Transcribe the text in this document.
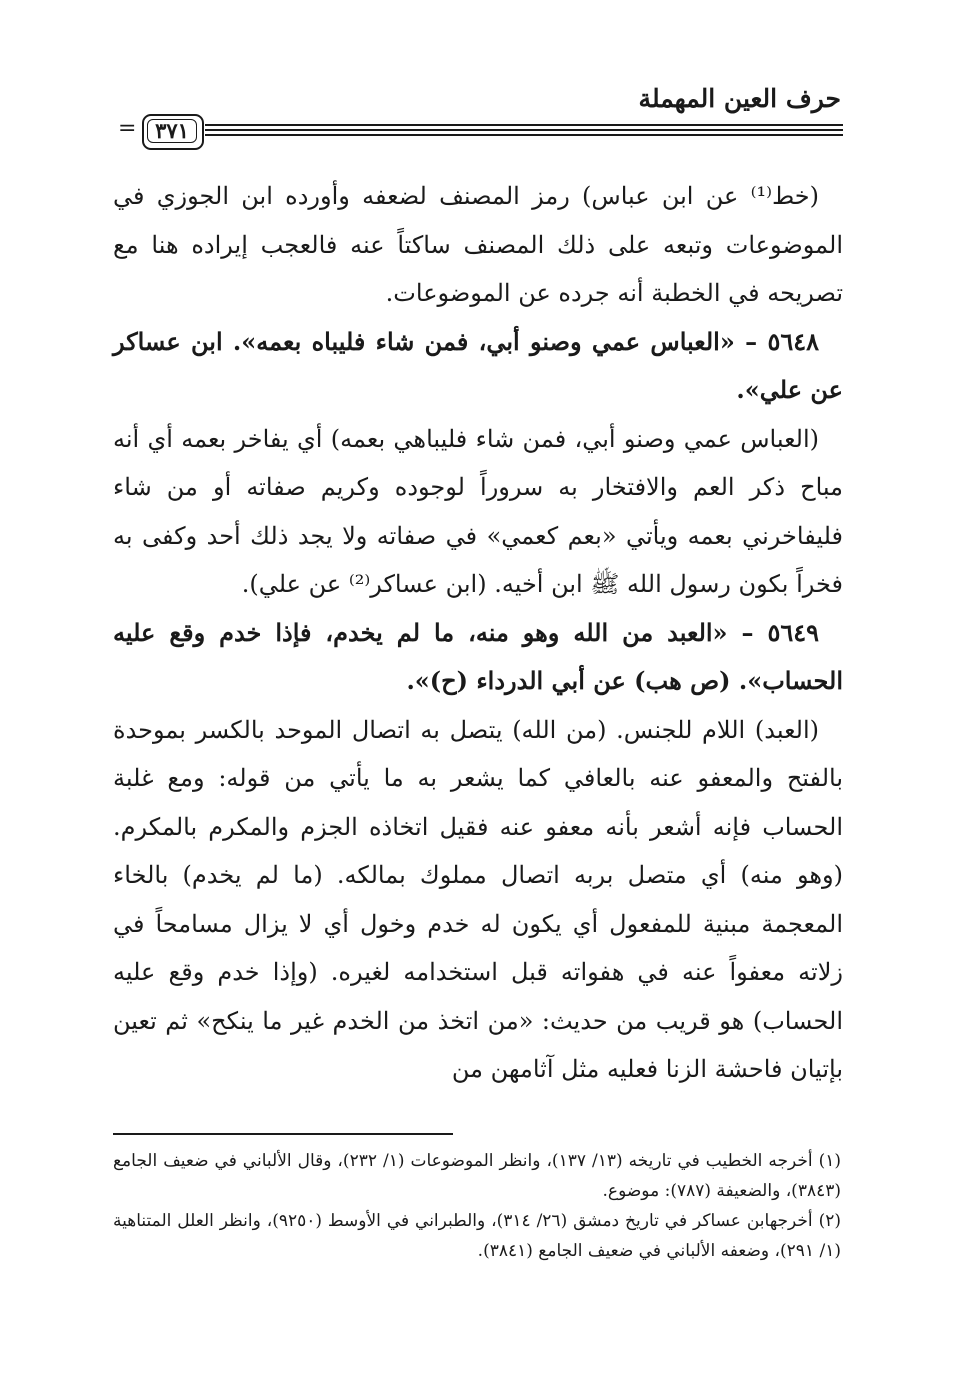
حرف العين المهملة
٣٧١
=

(خط⁽¹⁾ عن ابن عباس) رمز المصنف لضعفه وأورده ابن الجوزي في الموضوعات وتبعه على ذلك المصنف ساكتاً عنه فالعجب إيراده هنا مع تصريحه في الخطبة أنه جرده عن الموضوعات.

٥٦٤٨ – «العباس عمي وصنو أبي، فمن شاء فليباه بعمه». ابن عساكر عن علي».

(العباس عمي وصنو أبي، فمن شاء فليباهي بعمه) أي يفاخر بعمه أي أنه مباح ذكر العم والافتخار به سروراً لوجوده وكريم صفاته أو من شاء فليفاخرني بعمه ويأتي «بعم كعمي» في صفاته ولا يجد ذلك أحد وكفى به فخراً بكون رسول الله ﷺ ابن أخيه. (ابن عساكر⁽²⁾ عن علي).

٥٦٤٩ – «العبد من الله وهو منه، ما لم يخدم، فإذا خدم وقع عليه الحساب». (ص هب) عن أبي الدرداء (ح)».

(العبد) اللام للجنس. (من الله) يتصل به اتصال الموحد بالكسر بموحدة بالفتح والمعفو عنه بالعافي كما يشعر به ما يأتي من قوله: ومع غلبة الحساب فإنه أشعر بأنه معفو عنه فقيل اتخاذه الجزم والمكرم بالمكرم. (وهو منه) أي متصل بربه اتصال مملوك بمالكه. (ما لم يخدم) بالخاء المعجمة مبنية للمفعول أي يكون له خدم وخول أي لا يزال مسامحاً في زلاته معفواً عنه في هفواته قبل استخدامه لغيره. (وإذا خدم وقع عليه الحساب) هو قريب من حديث: «من اتخذ من الخدم غير ما ينكح» ثم تعين بإتيان فاحشة الزنا فعليه مثل آثامهن من

(١) أخرجه الخطيب في تاريخه (١٣/ ١٣٧)، وانظر الموضوعات (١/ ٢٣٢)، وقال الألباني في ضعيف الجامع (٣٨٤٣)، والضعيفة (٧٨٧): موضوع.

(٢) أخرجهابن عساكر في تاريخ دمشق (٢٦/ ٣١٤)، والطبراني في الأوسط (٩٢٥٠)، وانظر العلل المتناهية (١/ ٢٩١)، وضعفه الألباني في ضعيف الجامع (٣٨٤١).
